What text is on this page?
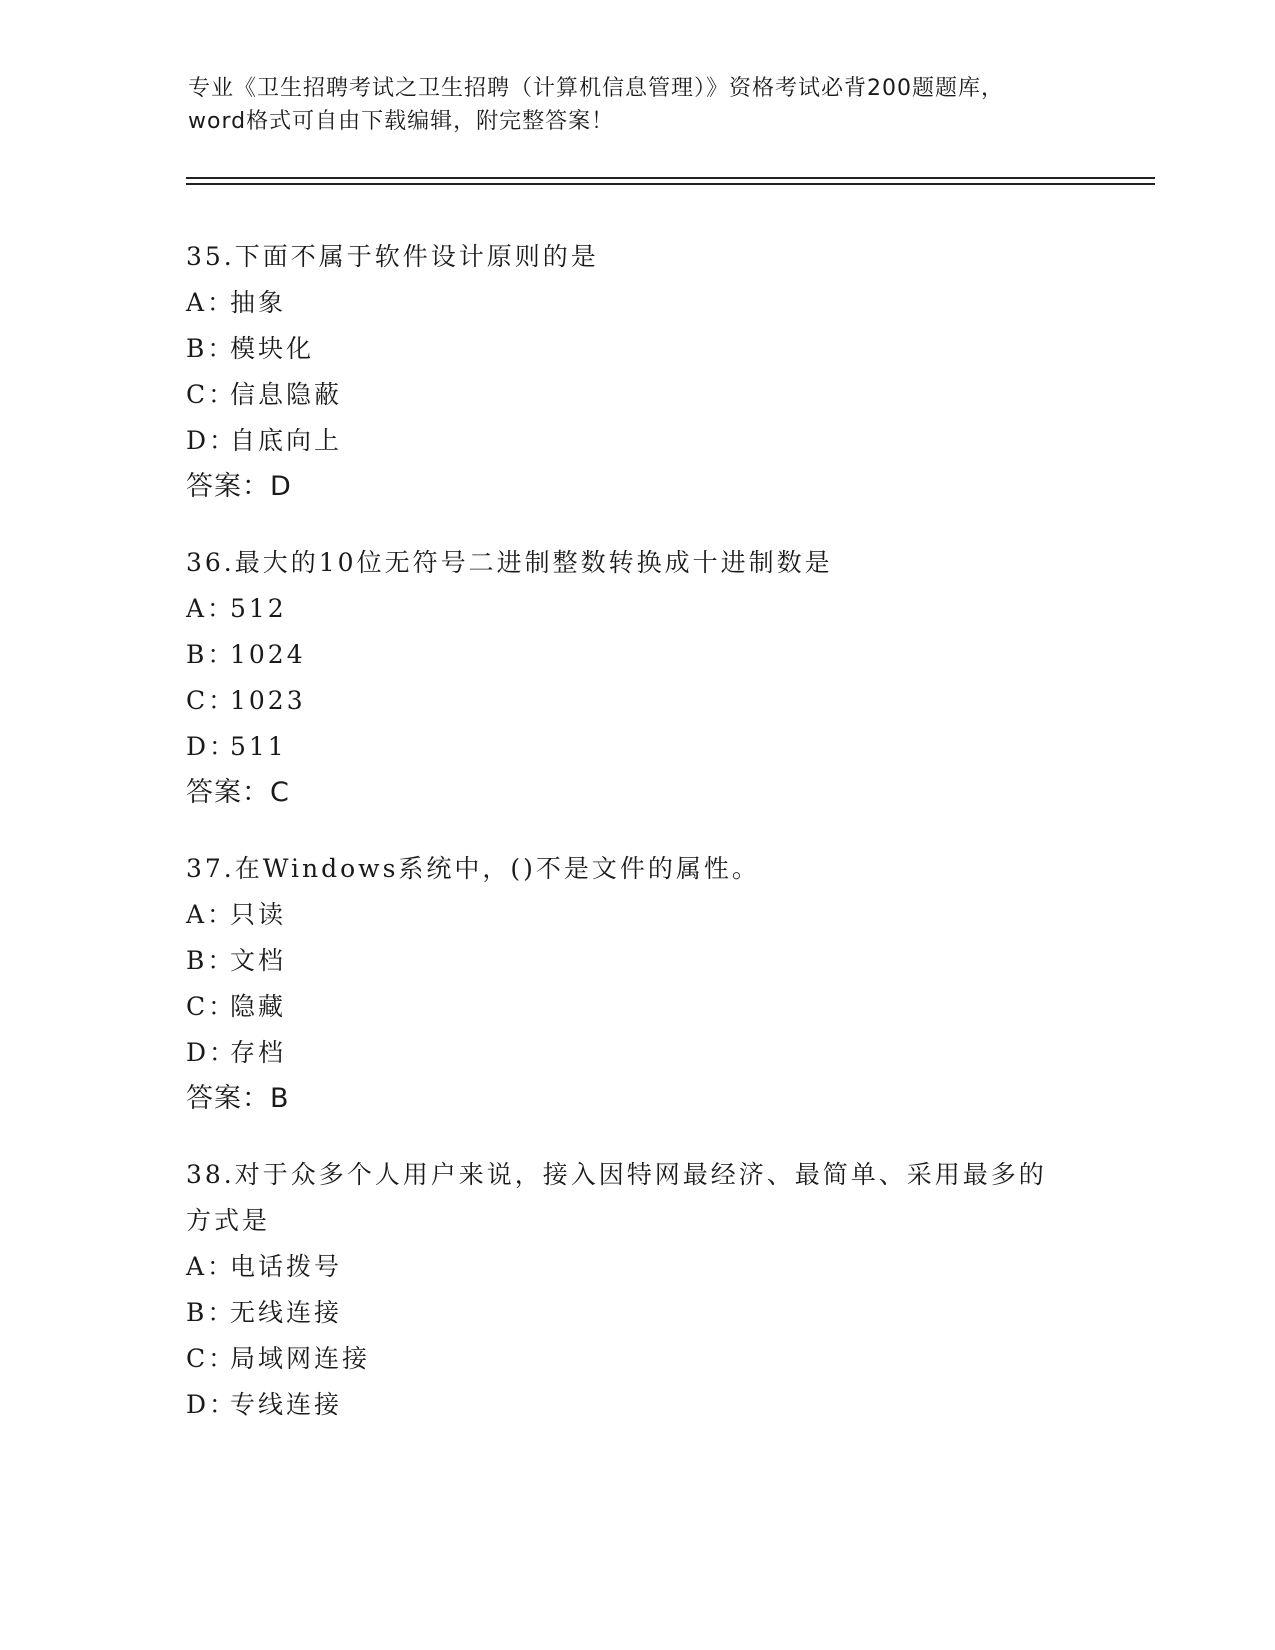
专业《卫生招聘考试之卫生招聘（计算机信息管理）》资格考试必背200题题库，
word格式可自由下载编辑，附完整答案！
35.下面不属于软件设计原则的是
A：抽象
B：模块化
C：信息隐蔽
D：自底向上
答案：D
36.最大的10位无符号二进制整数转换成十进制数是
A：512
B：1024
C：1023
D：511
答案：C
37.在Windows系统中，()不是文件的属性。
A：只读
B：文档
C：隐藏
D：存档
答案：B
38.对于众多个人用户来说，接入因特网最经济、最简单、采用最多的
方式是
A：电话拨号
B：无线连接
C：局域网连接
D：专线连接
